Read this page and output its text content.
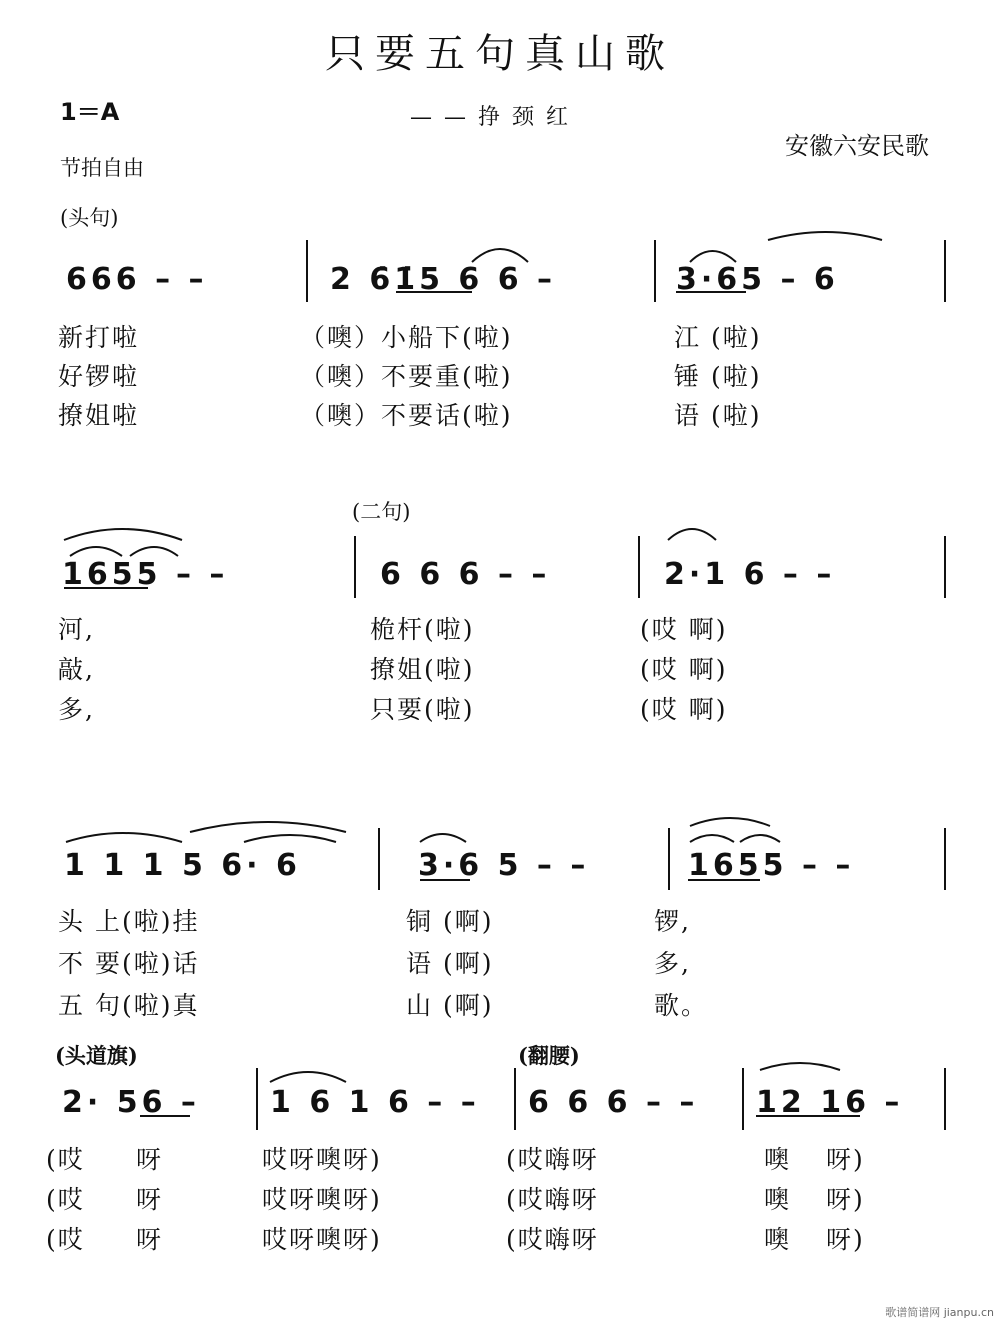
只要五句真山歌
1＝A	——挣颈红
安徽六安民歌
节拍自由
(头句)
(二句)
(头道旗)	(翻腰)
666 – –	2 6̇1̇5 6 6 –	3·65 – 6
新打啦	（噢）小船下(啦)	江 (啦)
好锣啦	（噢）不要重(啦)	锤 (啦)
撩姐啦	（噢）不要话(啦)	语 (啦)
1655 – –	6 6 6 – –	2·1 6 – –
河,	桅杆(啦)	(哎 啊)
敲,	撩姐(啦)	(哎 啊)
多,	只要(啦)	(哎 啊)
1 1 1 5 6· 6	3·6 5 – –	1655 – –
头 上(啦)挂	铜 (啊)	锣,
不 要(啦)话	语 (啊)	多,
五 句(啦)真	山 (啊)	歌。
2· 56 – 1 6 1 6 – – 6 6 6 – – 12 16 –
(哎 呀	哎呀噢呀)	(哎嗨呀	噢 呀)
(哎 呀	哎呀噢呀)	(哎嗨呀	噢 呀)
(哎 呀	哎呀噢呀)	(哎嗨呀	噢 呀)
歌谱简谱网 jianpu.cn
